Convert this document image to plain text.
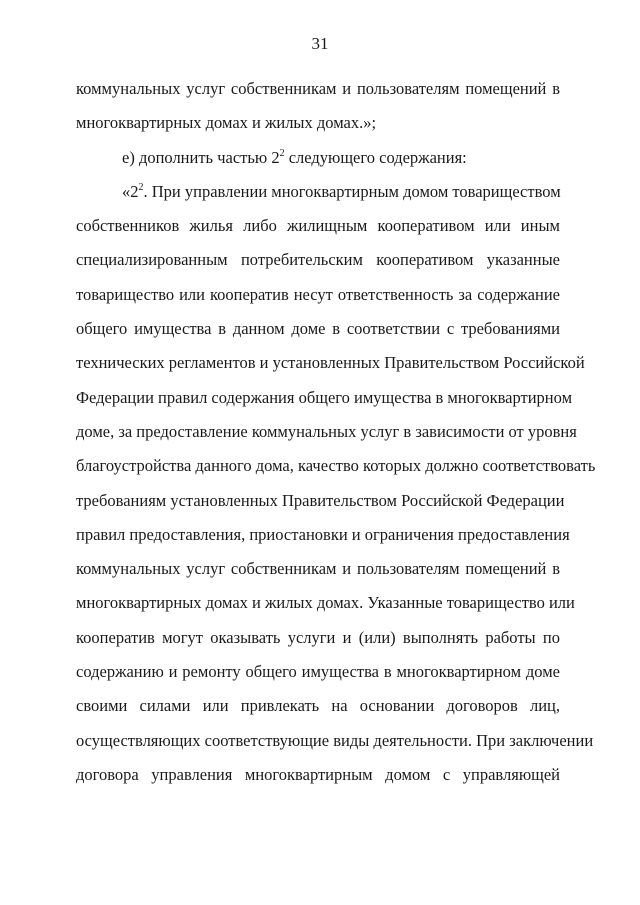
31
коммунальных услуг собственникам и пользователям помещений в
многоквартирных домах и жилых домах.»;
е) дополнить частью $2^2$ следующего содержания:
«$2^2$. При управлении многоквартирным домом товариществом
собственников жилья либо жилищным кооперативом или иным
специализированным потребительским кооперативом указанные
товарищество или кооператив несут ответственность за содержание
общего имущества в данном доме в соответствии с требованиями
технических регламентов и установленных Правительством Российской
Федерации правил содержания общего имущества в многоквартирном
доме, за предоставление коммунальных услуг в зависимости от уровня
благоустройства данного дома, качество которых должно соответствовать
требованиям установленных Правительством Российской Федерации
правил предоставления, приостановки и ограничения предоставления
коммунальных услуг собственникам и пользователям помещений в
многоквартирных домах и жилых домах. Указанные товарищество или
кооператив могут оказывать услуги и (или) выполнять работы по
содержанию и ремонту общего имущества в многоквартирном доме
своими силами или привлекать на основании договоров лиц,
осуществляющих соответствующие виды деятельности. При заключении
договора управления многоквартирным домом с управляющей
